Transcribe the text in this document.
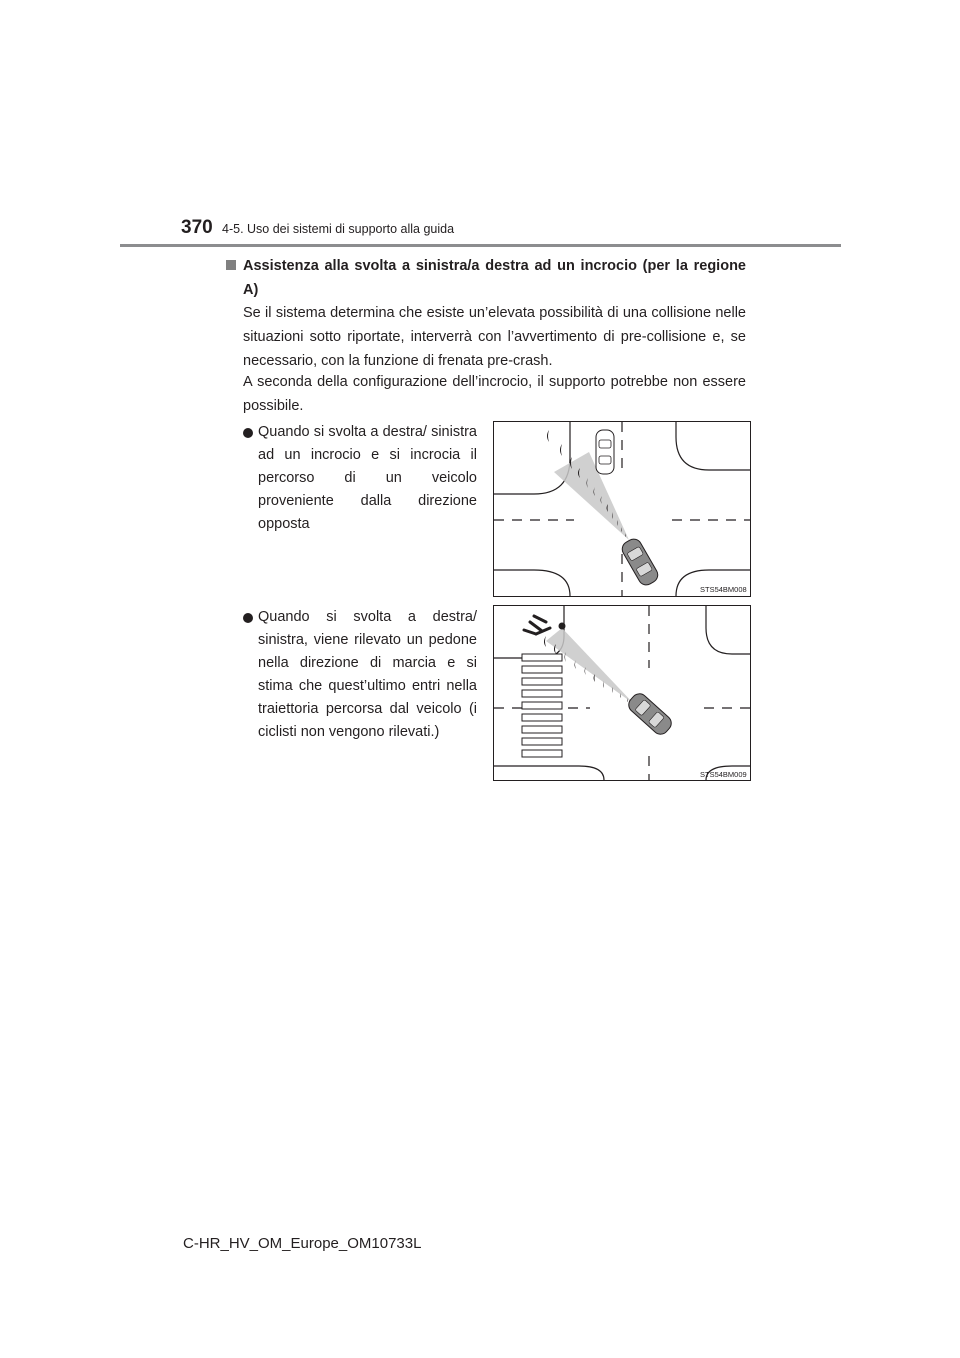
370 4-5. Uso dei sistemi di supporto alla guida
Assistenza alla svolta a sinistra/a destra ad un incrocio (per la regione A)
Se il sistema determina che esiste un’elevata possibilità di una collisione nelle situazioni sotto riportate, interverrà con l’avvertimento di pre-collisione e, se necessario, con la funzione di frenata pre-crash.
A seconda della configurazione dell’incrocio, il supporto potrebbe non essere possibile.
Quando si svolta a destra/ sinistra ad un incrocio e si incrocia il percorso di un veicolo proveniente dalla direzione opposta
STS54BM008
Quando si svolta a destra/ sinistra, viene rilevato un pedone nella direzione di marcia e si stima che quest’ultimo entri nella traiettoria percorsa dal veicolo (i ciclisti non vengono rilevati.)
STS54BM009
C-HR_HV_OM_Europe_OM10733L
